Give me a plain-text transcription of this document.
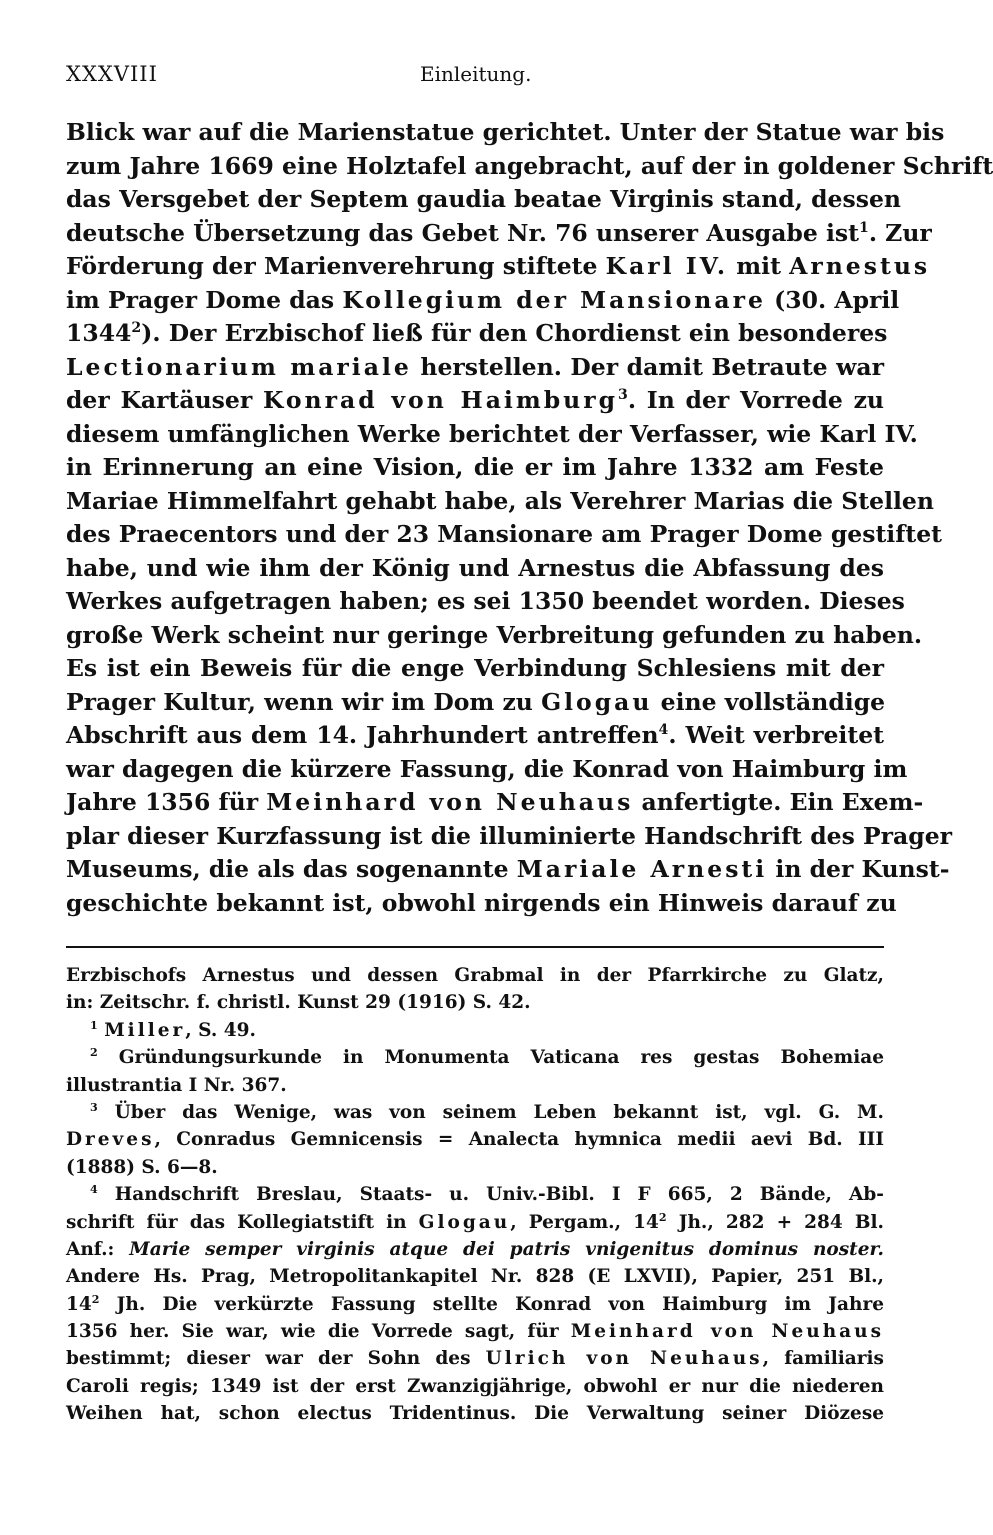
XXXVIII	Einleitung.
Blick war auf die Marienstatue gerichtet. Unter der Statue war bis
zum Jahre 1669 eine Holztafel angebracht, auf der in goldener Schrift
das Versgebet der Septem gaudia beatae Virginis stand, dessen
deutsche Übersetzung das Gebet Nr. 76 unserer Ausgabe ist$^1$. Zur
Förderung der Marienverehrung stiftete Karl IV. mit Arnestus
im Prager Dome das Kollegium der Mansionare (30. April
1344$^2$). Der Erzbischof ließ für den Chordienst ein besonderes
Lectionarium mariale herstellen. Der damit Betraute war
der Kartäuser Konrad von Haimburg$^3$. In der Vorrede zu
diesem umfänglichen Werke berichtet der Verfasser, wie Karl IV.
in Erinnerung an eine Vision, die er im Jahre 1332 am Feste
Mariae Himmelfahrt gehabt habe, als Verehrer Marias die Stellen
des Praecentors und der 23 Mansionare am Prager Dome gestiftet
habe, und wie ihm der König und Arnestus die Abfassung des
Werkes aufgetragen haben; es sei 1350 beendet worden. Dieses
große Werk scheint nur geringe Verbreitung gefunden zu haben.
Es ist ein Beweis für die enge Verbindung Schlesiens mit der
Prager Kultur, wenn wir im Dom zu Glogau eine vollständige
Abschrift aus dem 14. Jahrhundert antreffen$^4$. Weit verbreitet
war dagegen die kürzere Fassung, die Konrad von Haimburg im
Jahre 1356 für Meinhard von Neuhaus anfertigte. Ein Exem-
plar dieser Kurzfassung ist die illuminierte Handschrift des Prager
Museums, die als das sogenannte Mariale Arnesti in der Kunst-
geschichte bekannt ist, obwohl nirgends ein Hinweis darauf zu
Erzbischofs Arnestus und dessen Grabmal in der Pfarrkirche zu Glatz,
in: Zeitschr. f. christl. Kunst 29 (1916) S. 42.
$^1$ Miller, S. 49.
$^2$ Gründungsurkunde in Monumenta Vaticana res gestas Bohemiae
illustrantia I Nr. 367.
$^3$ Über das Wenige, was von seinem Leben bekannt ist, vgl. G. M.
Dreves, Conradus Gemnicensis = Analecta hymnica medii aevi Bd. III
(1888) S. 6—8.
$^4$ Handschrift Breslau, Staats- u. Univ.-Bibl. I F 665, 2 Bände, Ab-
schrift für das Kollegiatstift in Glogau, Pergam., $14^2$ Jh., 282 + 284 Bl.
Anf.: Marie semper virginis atque dei patris vnigenitus dominus noster.
Andere Hs. Prag, Metropolitankapitel Nr. 828 (E LXVII), Papier, 251 Bl.,
$14^2$ Jh. Die verkürzte Fassung stellte Konrad von Haimburg im Jahre
1356 her. Sie war, wie die Vorrede sagt, für Meinhard von Neuhaus
bestimmt; dieser war der Sohn des Ulrich von Neuhaus, familiaris
Caroli regis; 1349 ist der erst Zwanzigjährige, obwohl er nur die niederen
Weihen hat, schon electus Tridentinus. Die Verwaltung seiner Diözese
